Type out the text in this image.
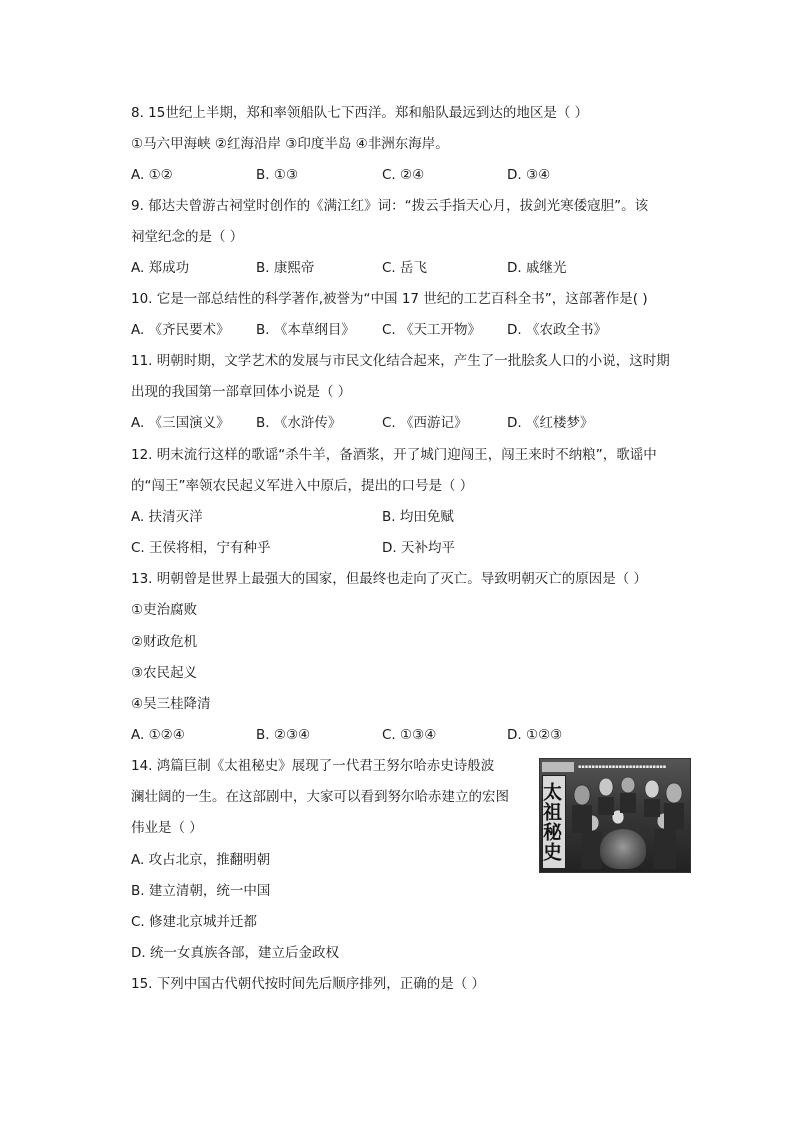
8. 15世纪上半期，郑和率领船队七下西洋。郑和船队最远到达的地区是（ ）
①马六甲海峡 ②红海沿岸 ③印度半岛 ④非洲东海岸。
A. ①②	B. ①③	C. ②④	D. ③④
9. 郁达夫曾游古祠堂时创作的《满江红》词：“拨云手指天心月，拔剑光寒倭寇胆”。该
祠堂纪念的是（ ）
A. 郑成功	B. 康熙帝	C. 岳飞	D. 戚继光
10. 它是一部总结性的科学著作,被誉为“中国 17 世纪的工艺百科全书”，这部著作是( )
A. 《齐民要术》 B. 《本草纲目》 C. 《天工开物》 D. 《农政全书》
11. 明朝时期，文学艺术的发展与市民文化结合起来，产生了一批脍炙人口的小说，这时期
出现的我国第一部章回体小说是（ ）
A. 《三国演义》 B. 《水浒传》	C. 《西游记》	D. 《红楼梦》
12. 明末流行这样的歌谣“杀牛羊，备酒浆，开了城门迎闯王，闯王来时不纳粮”，歌谣中
的“闯王”率领农民起义军进入中原后，提出的口号是（ ）
A. 扶清灭洋	B. 均田免赋
C. 王侯将相，宁有种乎	D. 天补均平
13. 明朝曾是世界上最强大的国家，但最终也走向了灭亡。导致明朝灭亡的原因是（ ）
①吏治腐败
②财政危机
③农民起义
④吴三桂降清
A. ①②④	B. ②③④	C. ①③④	D. ①②③
14. 鸿篇巨制《太祖秘史》展现了一代君王努尔哈赤史诗般波
澜壮阔的一生。在这部剧中，大家可以看到努尔哈赤建立的宏图
伟业是（ ）
A. 攻占北京，推翻明朝
B. 建立清朝，统一中国
C. 修建北京城并迁都
D. 统一女真族各部，建立后金政权
▪▪▪▪▪▪▪▪▪▪▪▪▪▪▪▪▪▪▪▪▪▪▪▪▪▪
太祖秘史
15. 下列中国古代朝代按时间先后顺序排列，正确的是（ ）
